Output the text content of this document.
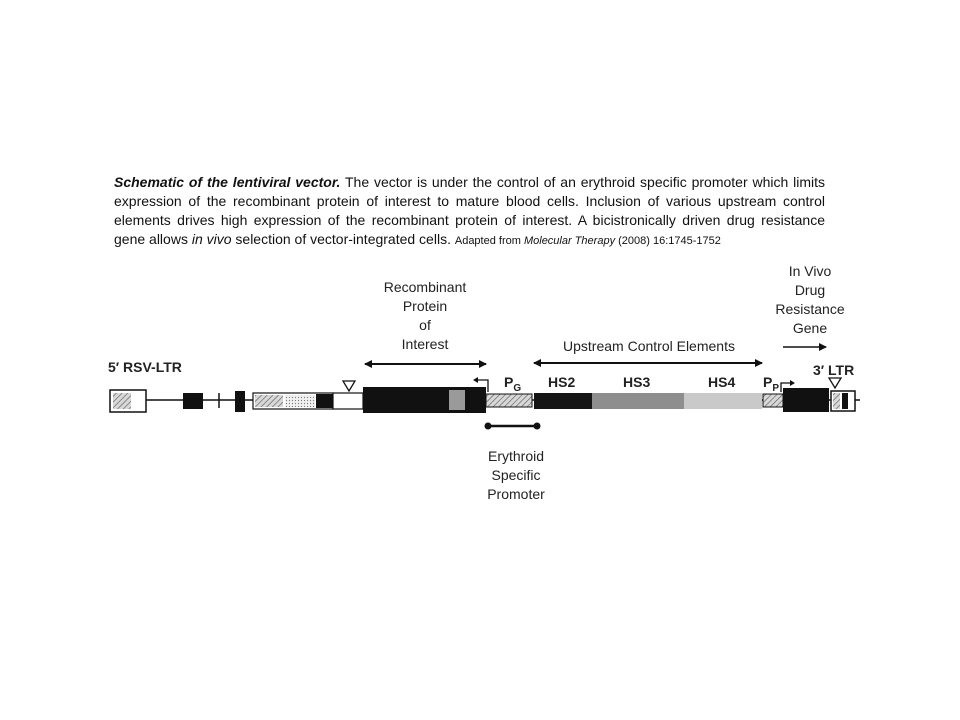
Schematic of the lentiviral vector. The vector is under the control of an erythroid specific promoter which limits expression of the recombinant protein of interest to mature blood cells. Inclusion of various upstream control elements drives high expression of the recombinant protein of interest. A bicistronically driven drug resistance gene allows in vivo selection of vector-integrated cells. Adapted from Molecular Therapy (2008) 16:1745-1752
5′ RSV-LTR	3′ LTR
Recombinant
Protein
of
Interest	Upstream Control Elements
In Vivo
Drug
Resistance
Gene
$P_G$	$P_P$
HS2	HS3	HS4
Erythroid
Specific
Promoter
